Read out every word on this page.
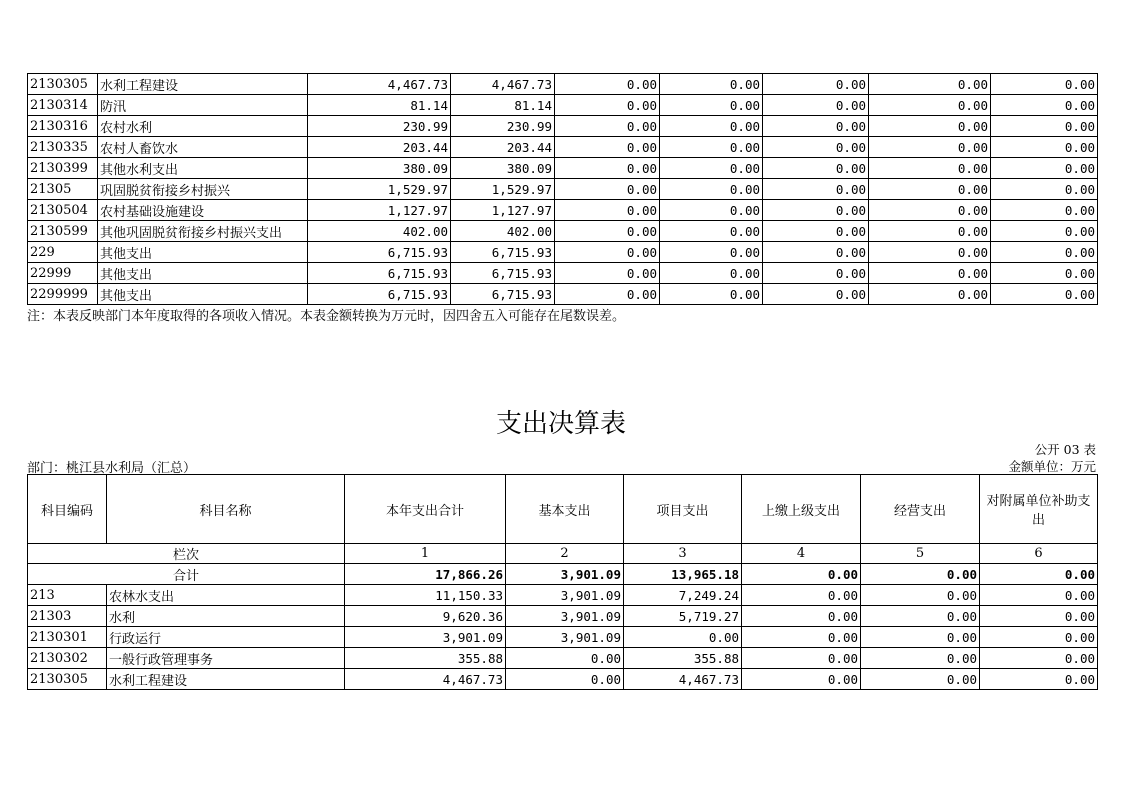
2130305	水利工程建设	4,467.73	4,467.73	0.00	0.00	0.00	0.00	0.00
2130314	防汛	81.14	81.14	0.00	0.00	0.00	0.00	0.00
2130316	农村水利	230.99	230.99	0.00	0.00	0.00	0.00	0.00
2130335	农村人畜饮水	203.44	203.44	0.00	0.00	0.00	0.00	0.00
2130399	其他水利支出	380.09	380.09	0.00	0.00	0.00	0.00	0.00
21305	巩固脱贫衔接乡村振兴	1,529.97	1,529.97	0.00	0.00	0.00	0.00	0.00
2130504	农村基础设施建设	1,127.97	1,127.97	0.00	0.00	0.00	0.00	0.00
2130599	其他巩固脱贫衔接乡村振兴支出	402.00	402.00	0.00	0.00	0.00	0.00	0.00
229	其他支出	6,715.93	6,715.93	0.00	0.00	0.00	0.00	0.00
22999	其他支出	6,715.93	6,715.93	0.00	0.00	0.00	0.00	0.00
2299999	其他支出	6,715.93	6,715.93	0.00	0.00	0.00	0.00	0.00
注：本表反映部门本年度取得的各项收入情况。本表金额转换为万元时，因四舍五入可能存在尾数误差。
支出决算表
公开 03 表
部门：桃江县水利局（汇总）	金额单位：万元
科目编码	科目名称	本年支出合计	基本支出	项目支出	上缴上级支出	经营支出	对附属单位补助支出
栏次		1	2	3	4	5	6
合计		17,866.26	3,901.09	13,965.18	0.00	0.00	0.00
213	农林水支出	11,150.33	3,901.09	7,249.24	0.00	0.00	0.00
21303	水利	9,620.36	3,901.09	5,719.27	0.00	0.00	0.00
2130301	行政运行	3,901.09	3,901.09	0.00	0.00	0.00	0.00
2130302	一般行政管理事务	355.88	0.00	355.88	0.00	0.00	0.00
2130305	水利工程建设	4,467.73	0.00	4,467.73	0.00	0.00	0.00
